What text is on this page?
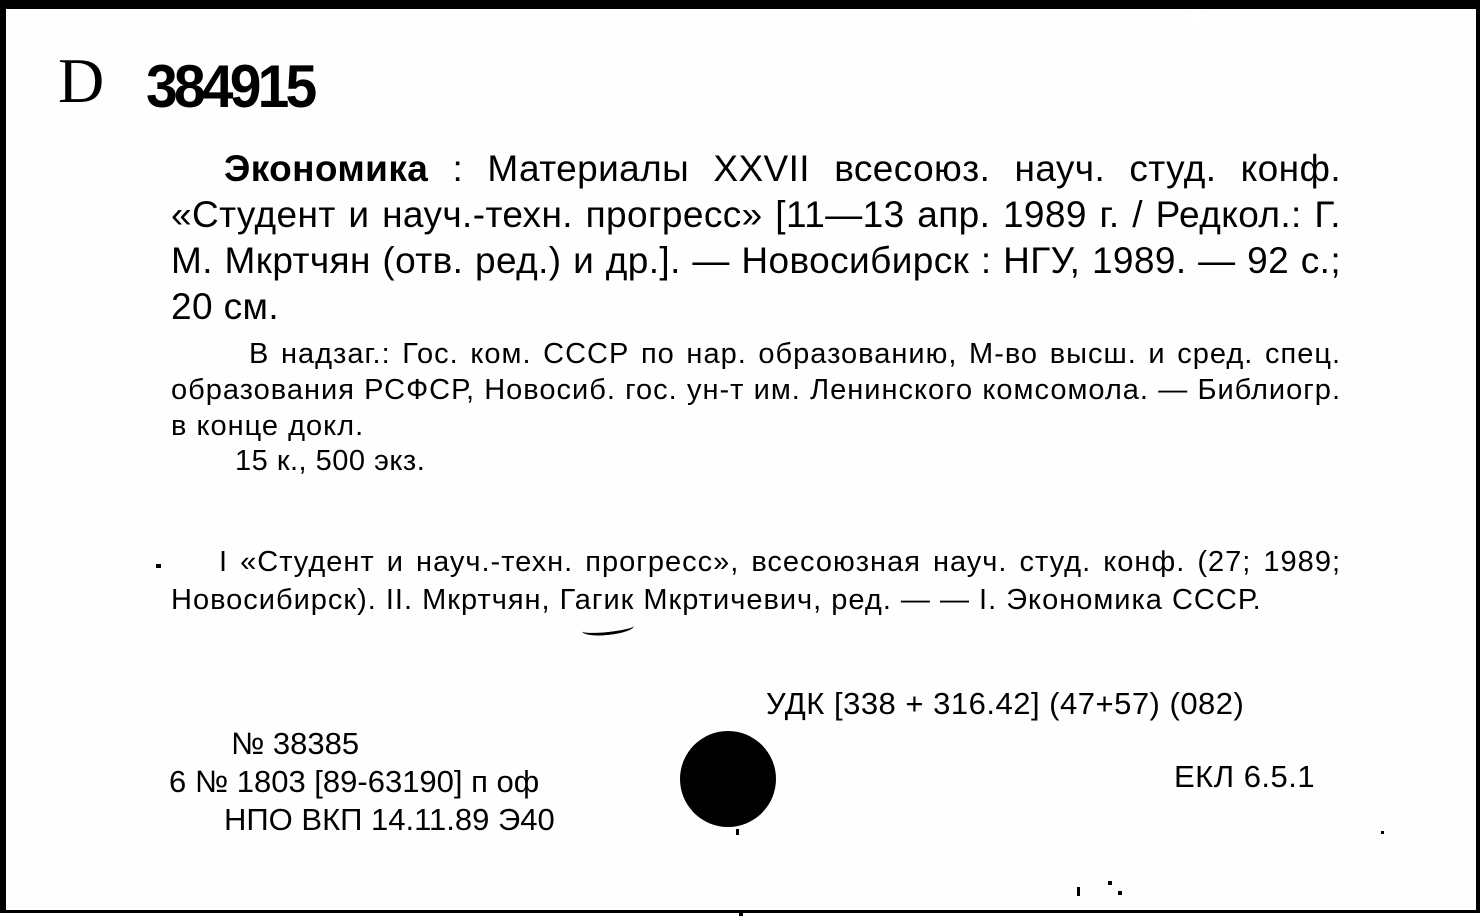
D 384915
Экономика : Материалы XXVII всесоюз. науч. студ. конф. «Студент и науч.-техн. прогресс» [11—13 апр. 1989 г. / Редкол.: Г. М. Мкртчян (отв. ред.) и др.]. — Новосибирск : НГУ, 1989. — 92 с.; 20 см.
В надзаг.: Гос. ком. СССР по нар. образованию, М-во высш. и сред. спец. образования РСФСР, Новосиб. гос. ун-т им. Ленинского комсомола. — Библиогр. в конце докл.
15 к., 500 экз.
I «Студент и науч.-техн. прогресс», всесоюзная науч. студ. конф. (27; 1989; Новосибирск). II. Мкртчян, Гагик Мкртичевич, ред. — — I. Экономика СССР.
УДК [338 + 316.42] (47+57) (082)
№ 38385
6 № 1803 [89-63190] п оф
НПО ВКП 14.11.89 Э40
ЕКЛ 6.5.1
